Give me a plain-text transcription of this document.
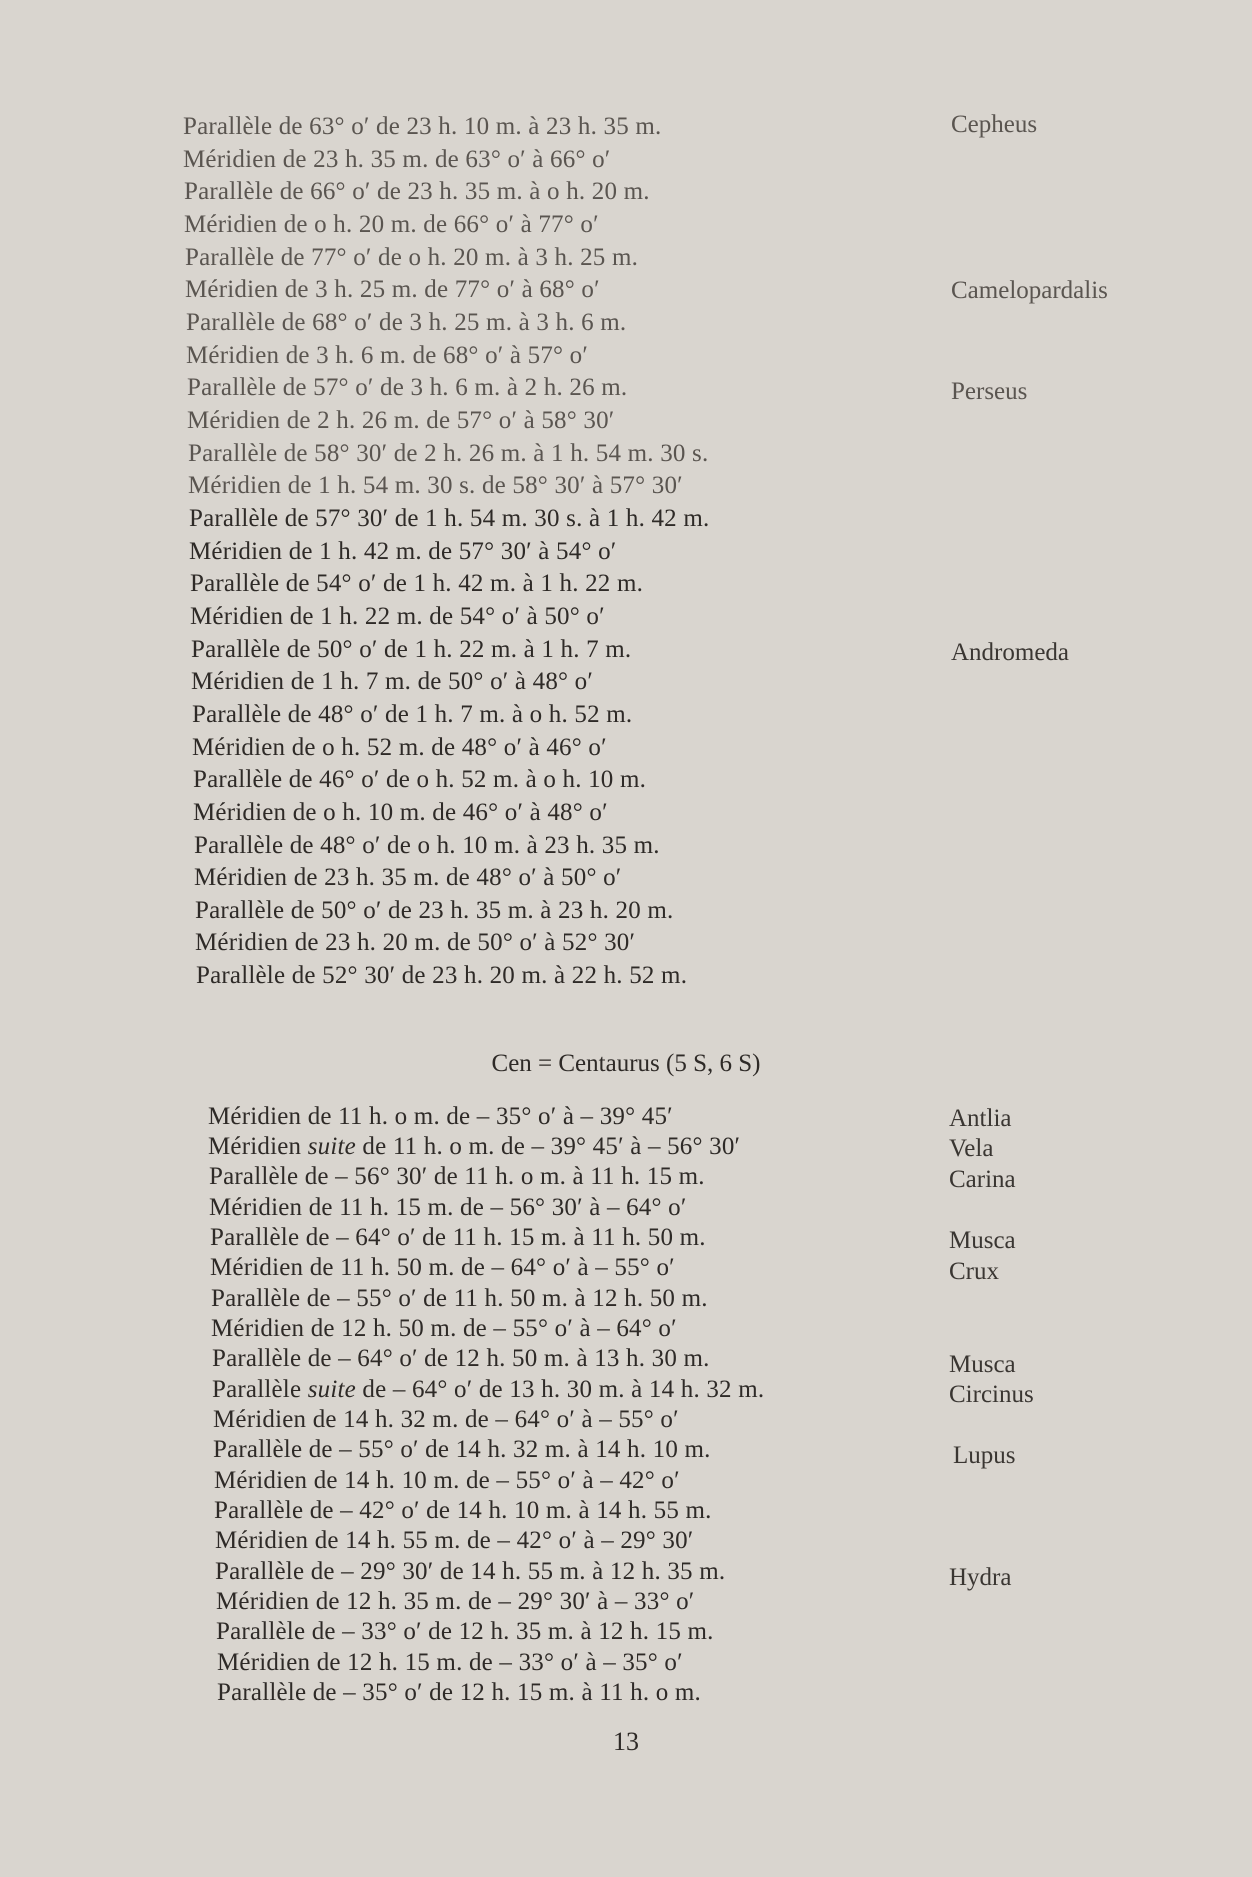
Parallèle de 63° o′ de 23 h. 10 m. à 23 h. 35 m.
Méridien de 23 h. 35 m. de 63° o′ à 66° o′
Parallèle de 66° o′ de 23 h. 35 m. à o h. 20 m.
Méridien de o h. 20 m. de 66° o′ à 77° o′
Parallèle de 77° o′ de o h. 20 m. à 3 h. 25 m.
Méridien de 3 h. 25 m. de 77° o′ à 68° o′
Parallèle de 68° o′ de 3 h. 25 m. à 3 h. 6 m.
Méridien de 3 h. 6 m. de 68° o′ à 57° o′
Parallèle de 57° o′ de 3 h. 6 m. à 2 h. 26 m.
Méridien de 2 h. 26 m. de 57° o′ à 58° 30′
Parallèle de 58° 30′ de 2 h. 26 m. à 1 h. 54 m. 30 s.
Méridien de 1 h. 54 m. 30 s. de 58° 30′ à 57° 30′
Parallèle de 57° 30′ de 1 h. 54 m. 30 s. à 1 h. 42 m.
Méridien de 1 h. 42 m. de 57° 30′ à 54° o′
Parallèle de 54° o′ de 1 h. 42 m. à 1 h. 22 m.
Méridien de 1 h. 22 m. de 54° o′ à 50° o′
Parallèle de 50° o′ de 1 h. 22 m. à 1 h. 7 m.
Méridien de 1 h. 7 m. de 50° o′ à 48° o′
Parallèle de 48° o′ de 1 h. 7 m. à o h. 52 m.
Méridien de o h. 52 m. de 48° o′ à 46° o′
Parallèle de 46° o′ de o h. 52 m. à o h. 10 m.
Méridien de o h. 10 m. de 46° o′ à 48° o′
Parallèle de 48° o′ de o h. 10 m. à 23 h. 35 m.
Méridien de 23 h. 35 m. de 48° o′ à 50° o′
Parallèle de 50° o′ de 23 h. 35 m. à 23 h. 20 m.
Méridien de 23 h. 20 m. de 50° o′ à 52° 30′
Parallèle de 52° 30′ de 23 h. 20 m. à 22 h. 52 m.
Cepheus
Camelopardalis
Perseus
Andromeda
Cen = Centaurus (5 S, 6 S)
Méridien de 11 h. o m. de – 35° o′ à – 39° 45′
Méridien suite de 11 h. o m. de – 39° 45′ à – 56° 30′
Parallèle de – 56° 30′ de 11 h. o m. à 11 h. 15 m.
Méridien de 11 h. 15 m. de – 56° 30′ à – 64° o′
Parallèle de – 64° o′ de 11 h. 15 m. à 11 h. 50 m.
Méridien de 11 h. 50 m. de – 64° o′ à – 55° o′
Parallèle de – 55° o′ de 11 h. 50 m. à 12 h. 50 m.
Méridien de 12 h. 50 m. de – 55° o′ à – 64° o′
Parallèle de – 64° o′ de 12 h. 50 m. à 13 h. 30 m.
Parallèle suite de – 64° o′ de 13 h. 30 m. à 14 h. 32 m.
Méridien de 14 h. 32 m. de – 64° o′ à – 55° o′
Parallèle de – 55° o′ de 14 h. 32 m. à 14 h. 10 m.
Méridien de 14 h. 10 m. de – 55° o′ à – 42° o′
Parallèle de – 42° o′ de 14 h. 10 m. à 14 h. 55 m.
Méridien de 14 h. 55 m. de – 42° o′ à – 29° 30′
Parallèle de – 29° 30′ de 14 h. 55 m. à 12 h. 35 m.
Méridien de 12 h. 35 m. de – 29° 30′ à – 33° o′
Parallèle de – 33° o′ de 12 h. 35 m. à 12 h. 15 m.
Méridien de 12 h. 15 m. de – 33° o′ à – 35° o′
Parallèle de – 35° o′ de 12 h. 15 m. à 11 h. o m.
Antlia
Vela
Carina
Musca
Crux
Musca
Circinus
Lupus
Hydra
13
